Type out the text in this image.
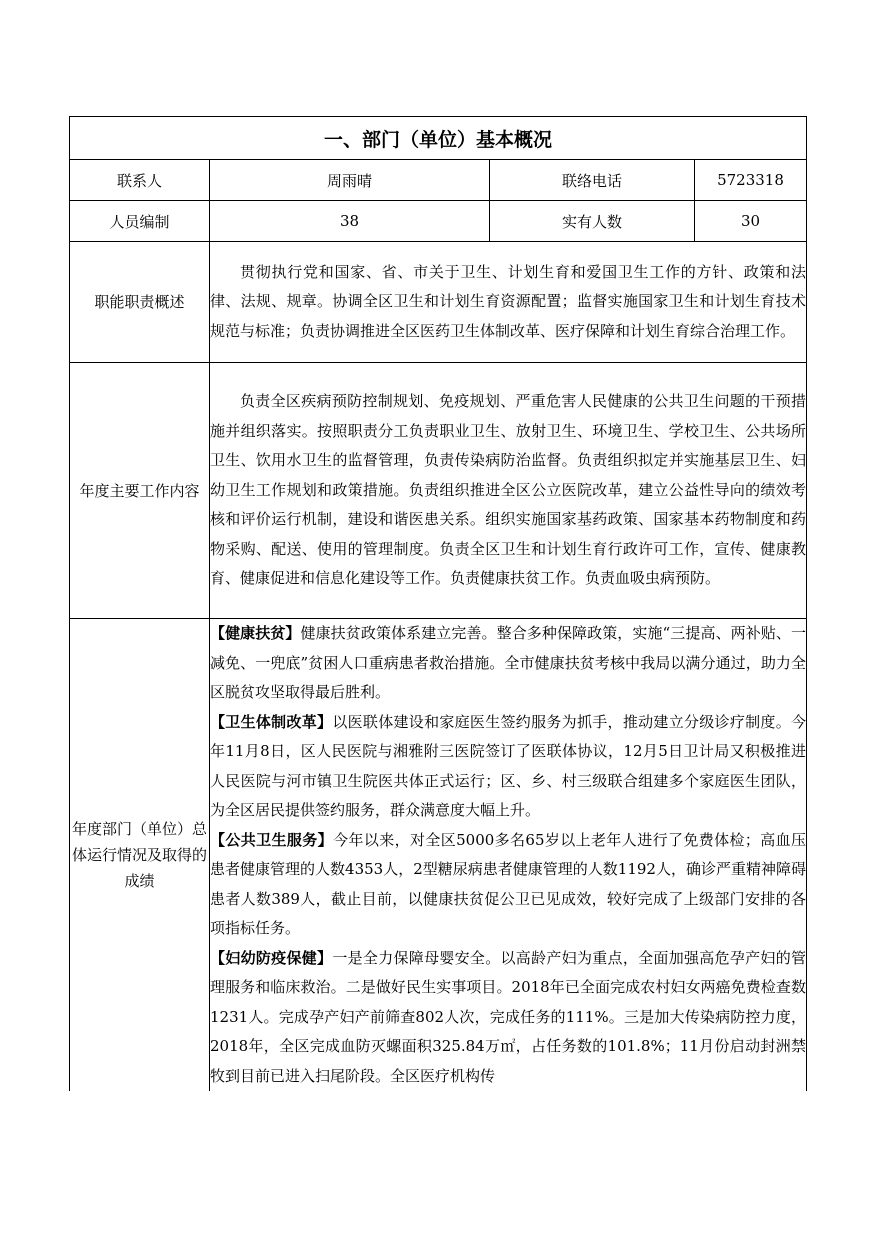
一、部门（单位）基本概况			
联系人	周雨晴	联络电话	5723318
人员编制	38	实有人数	30
职能职责概述	贯彻执行党和国家、省、市关于卫生、计划生育和爱国卫生工作的方针、政策和法律、法规、规章。协调全区卫生和计划生育资源配置；监督实施国家卫生和计划生育技术规范与标准；负责协调推进全区医药卫生体制改革、医疗保障和计划生育综合治理工作。		
年度主要工作内容	负责全区疾病预防控制规划、免疫规划、严重危害人民健康的公共卫生问题的干预措施并组织落实。按照职责分工负责职业卫生、放射卫生、环境卫生、学校卫生、公共场所卫生、饮用水卫生的监督管理，负责传染病防治监督。负责组织拟定并实施基层卫生、妇幼卫生工作规划和政策措施。负责组织推进全区公立医院改革，建立公益性导向的绩效考核和评价运行机制，建设和谐医患关系。组织实施国家基药政策、国家基本药物制度和药物采购、配送、使用的管理制度。负责全区卫生和计划生育行政许可工作，宣传、健康教育、健康促进和信息化建设等工作。负责健康扶贫工作。负责血吸虫病预防。		
年度部门（单位）总体运行情况及取得的成绩	【健康扶贫】健康扶贫政策体系建立完善。整合多种保障政策，实施“三提高、两补贴、一减免、一兜底”贫困人口重病患者救治措施。全市健康扶贫考核中我局以满分通过，助力全区脱贫攻坚取得最后胜利。

【卫生体制改革】以医联体建设和家庭医生签约服务为抓手，推动建立分级诊疗制度。今年11月8日，区人民医院与湘雅附三医院签订了医联体协议，12月5日卫计局又积极推进人民医院与河市镇卫生院医共体正式运行；区、乡、村三级联合组建多个家庭医生团队，为全区居民提供签约服务，群众满意度大幅上升。

【公共卫生服务】今年以来，对全区5000多名65岁以上老年人进行了免费体检；高血压患者健康管理的人数4353人，2型糖尿病患者健康管理的人数1192人，确诊严重精神障碍患者人数389人，截止目前，以健康扶贫促公卫已见成效，较好完成了上级部门安排的各项指标任务。

【妇幼防疫保健】一是全力保障母婴安全。以高龄产妇为重点，全面加强高危孕产妇的管理服务和临床救治。二是做好民生实事项目。2018年已全面完成农村妇女两癌免费检查数1231人。完成孕产妇产前筛查802人次，完成任务的111%。三是加大传染病防控力度，2018年，全区完成血防灭螺面积325.84万㎡，占任务数的101.8%；11月份启动封洲禁牧到目前已进入扫尾阶段。全区医疗机构传		
